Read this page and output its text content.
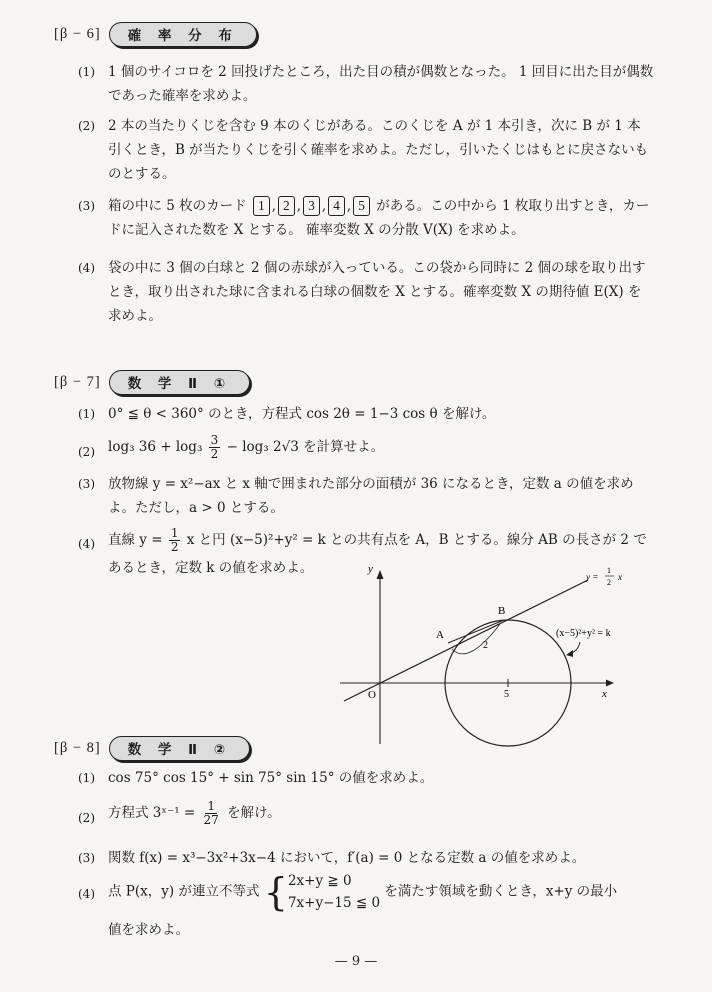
[β − 6]	確 率 分 布
(1) 1 個のサイコロを 2 回投げたところ，出た目の積が偶数となった。 1 回目に出た目が偶数であった確率を求めよ。
(2) 2 本の当たりくじを含む 9 本のくじがある。このくじを A が 1 本引き，次に B が 1 本引くとき，B が当たりくじを引く確率を求めよ。ただし，引いたくじはもとに戻さないものとする。
(3) 箱の中に 5 枚のカード 1 , 2 , 3 , 4 , 5 がある。この中から 1 枚取り出すとき，カードに記入された数を X とする。 確率変数 X の分散 V(X) を求めよ。
(4) 袋の中に 3 個の白球と 2 個の赤球が入っている。この袋から同時に 2 個の球を取り出すとき，取り出された球に含まれる白球の個数を X とする。確率変数 X の期待値 E(X) を求めよ。
[β − 7]	数 学 Ⅱ ①
(1) 0° ≦ θ < 360° のとき，方程式 cos 2θ = 1−3 cos θ を解け。
(2) log₃ $36 + \log_3 \frac{3}{2} - \log_3$ 2√3 を計算せよ。
(3) 放物線 y = x²−ax と x 軸で囲まれた部分の面積が 36 になるとき，定数 a の値を求めよ。ただし，a > 0 とする。
(4) 直線 $y = \frac{1}{2}$ x と円 (x−5)²+y² = k との共有点を A，B とする。線分 AB の長さが 2 であるとき，定数 k の値を求めよ。
x
y
O	5
A
B
2
y =
1
2
x
(x−5)²+y² = k
[β − 8]	数 学 Ⅱ ②
(1) cos 75° cos 15° + sin 75° sin 15° の値を求めよ。
(2) 方程式 3ˣ⁻¹ = $\frac{1}{27}$ を解け。
(3) 関数 f(x) = x³−3x²+3x−4 において，f′(a) = 0 となる定数 a の値を求めよ。
(4) 点 P(x，y) が連立不等式 { 2x+y ≧ 0
7x+y−15 ≦ 0
を満たす領域を動くとき，x+y の最小
値を求めよ。
— 9 —
